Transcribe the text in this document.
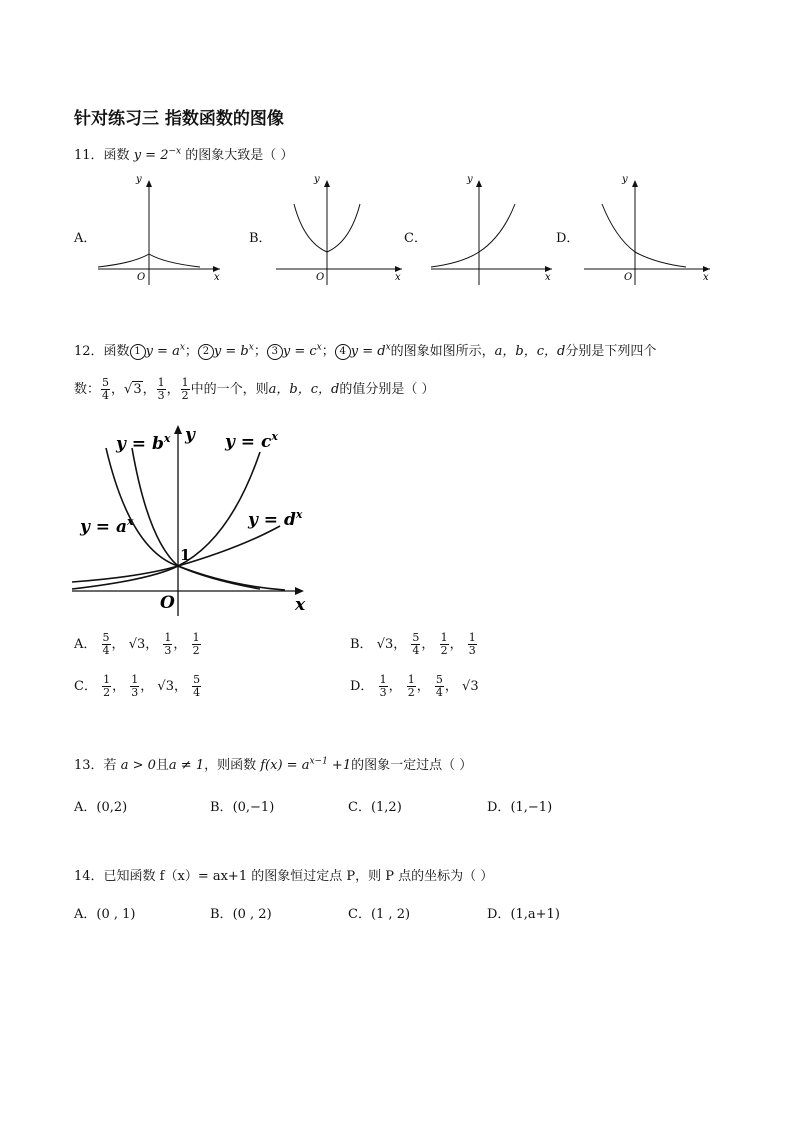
针对练习三 指数函数的图像
11．函数 $y = 2^{-x}$ 的图象大致是（ ）
A．	B．	C．	D．
y
x
O
y
x
O
y
x
y
x
O
12．函数 1 $y = a^x$； 2 $y = b^x$； 3 $y = c^x$； 4 $y = d^x$的图象如图所示，a，b，c，d分别是下列四个
数： $\frac{5}{4}$ ，√3， $\frac{1}{3}$ ， $\frac{1}{2}$ 中的一个，则a，b，c，d的值分别是（ ）
$y = b^x$	$y = c^x$
$y = a^x$	$y = d^x$
y
x
O
1
A． $\frac{5}{4}$ ， √3， $\frac{1}{3}$ ， $\frac{1}{2}$	B． √3， $\frac{5}{4}$ ， $\frac{1}{2}$ ， $\frac{1}{3}$
C． $\frac{1}{2}$ ， $\frac{1}{3}$ ， √3， $\frac{5}{4}$	D． $\frac{1}{3}$ ， $\frac{1}{2}$ ， $\frac{5}{4}$ ， √3
13．若 a > 0且a ≠ 1，则函数 $f(x) = a^{x-1} +1$的图象一定过点（ ）
A．(0,2)	B．(0,−1)	C．(1,2)	D．(1,−1)
14．已知函数 f（x）= ax+1 的图象恒过定点 P，则 P 点的坐标为（ ）
A．(0 , 1)	B．(0 , 2)	C．(1 , 2)	D．(1,a+1)
